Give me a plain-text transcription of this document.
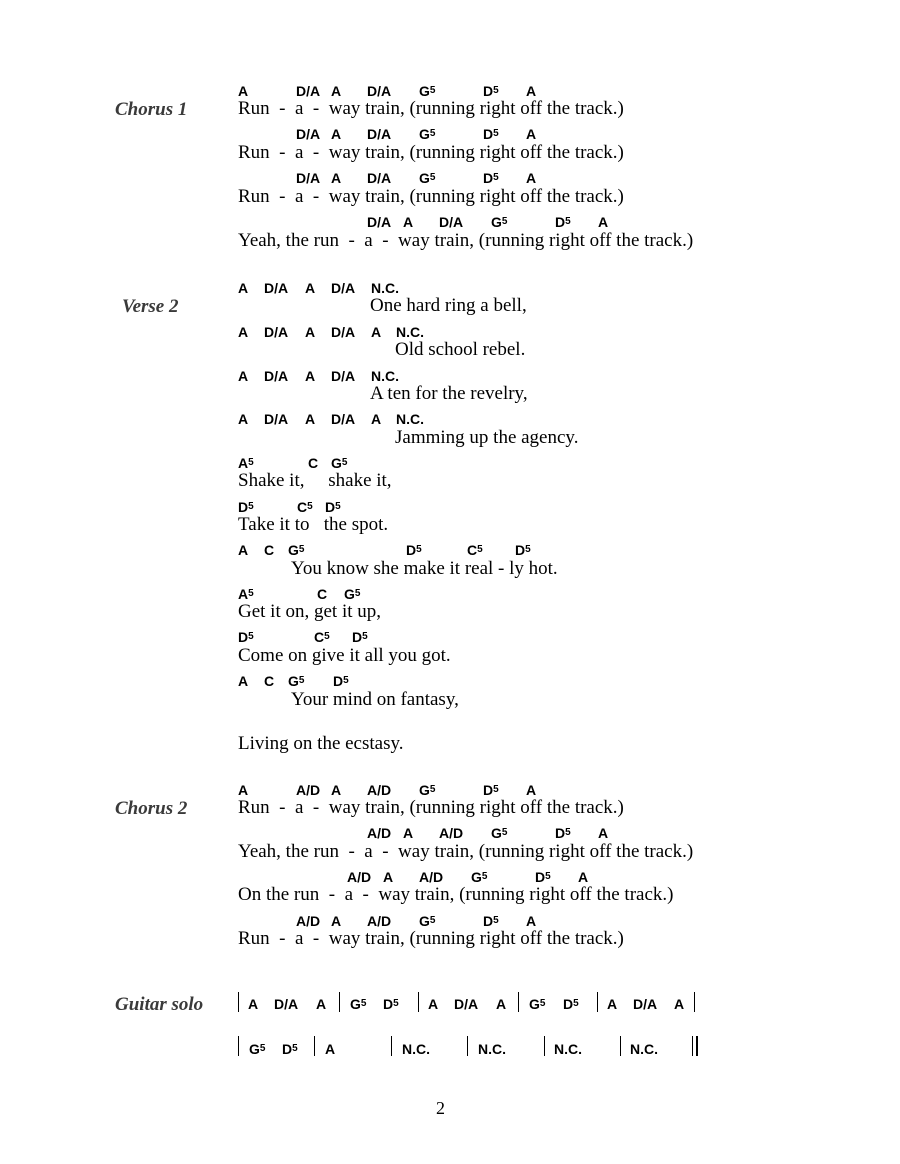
Chorus 1
A	D/A A D/A $G^5$	$D^5$ A
Run  -  a  -  way train, (running right off the track.)
D/A A D/A $G^5$	$D^5$ A
Run  -  a  -  way train, (running right off the track.)
D/A A D/A $G^5$	$D^5$ A
Run  -  a  -  way train, (running right off the track.)
D/A A D/A $G^5$	$D^5$ A
Yeah, the run  -  a  -  way train, (running right off the track.)
Verse 2
A D/A A D/A N.C.
One hard ring a bell,
A D/A A D/A A N.C.
Old school rebel.
A D/A A D/A N.C.
A ten for the revelry,
A D/A A D/A A N.C.
Jamming up the agency.
$A^5$	C $G^5$
Shake it,     shake it,
$D^5$	$C^5$ $D^5$
Take it to   the spot.
A C $G^5$	$D^5$	$C^5$ $D^5$
You know she make it real - ly hot.
$A^5$	C $G^5$
Get it on, get it up,
$D^5$	$C^5$ $D^5$
Come on give it all you got.
A C $G^5$ $D^5$
Your mind on fantasy,
Living on the ecstasy.
Chorus 2
A	A/D A A/D $G^5$	$D^5$ A
Run  -  a  -  way train, (running right off the track.)
A/D A A/D $G^5$	$D^5$ A
Yeah, the run  -  a  -  way train, (running right off the track.)
A/D A A/D $G^5$	$D^5$ A
On the run  -  a  -  way train, (running right off the track.)
A/D A A/D $G^5$	$D^5$ A
Run  -  a  -  way train, (running right off the track.)
Guitar solo	A D/A A $G^5$ $D^5$ A D/A A $G^5$ $D^5$ A D/A A
$G^5$ $D^5$ A	N.C.	N.C.	N.C.	N.C.
2
